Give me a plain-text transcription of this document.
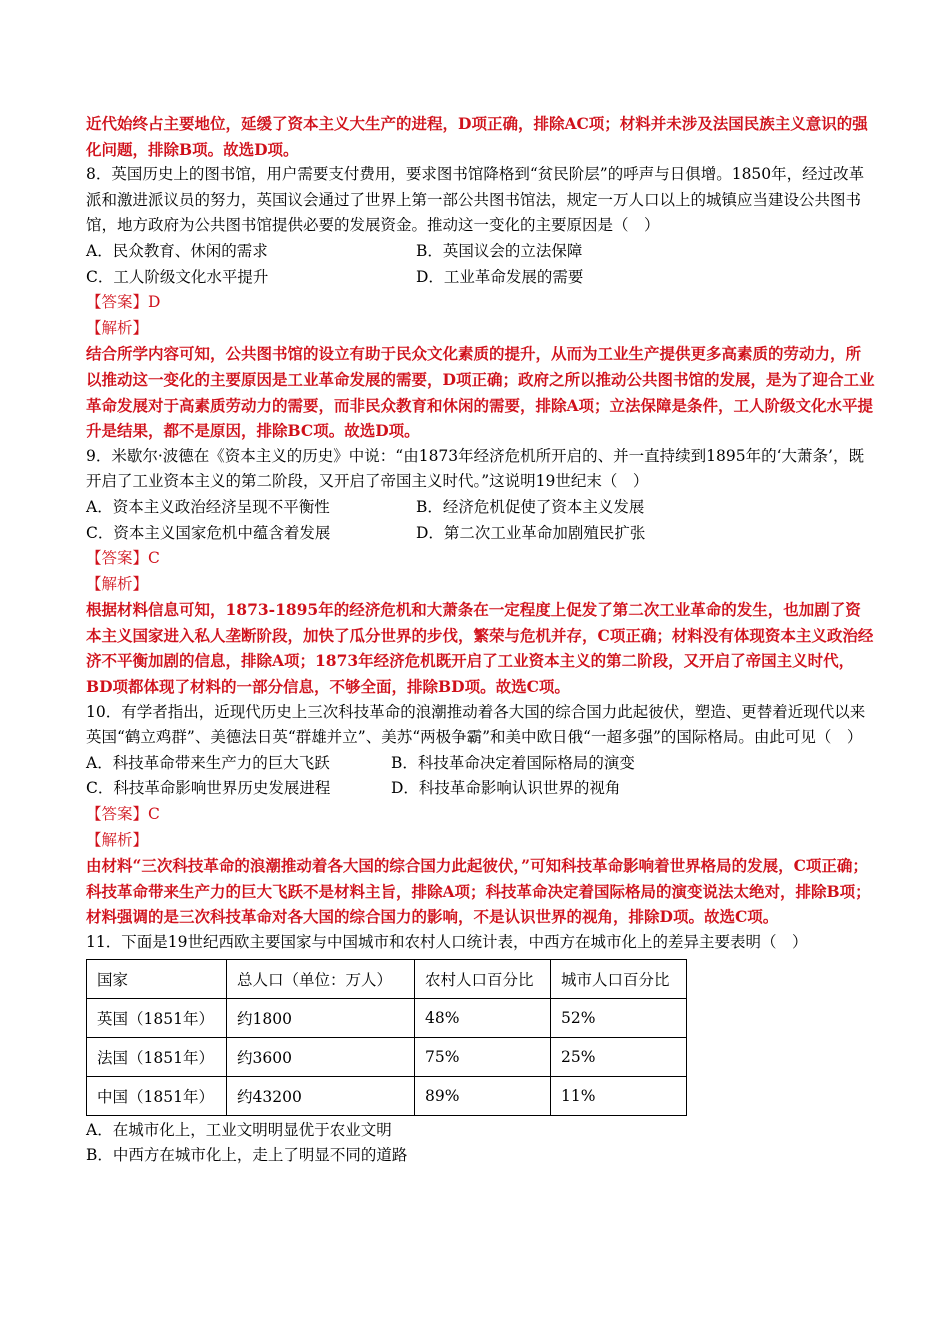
近代始终占主要地位，延缓了资本主义大生产的进程，D项正确，排除AC项；材料并未涉及法国民族主义意识的强化问题，排除B项。故选D项。

8．英国历史上的图书馆，用户需要支付费用，要求图书馆降格到“贫民阶层”的呼声与日俱增。1850年，经过改革派和激进派议员的努力，英国议会通过了世界上第一部公共图书馆法，规定一万人口以上的城镇应当建设公共图书馆，地方政府为公共图书馆提供必要的发展资金。推动这一变化的主要原因是（　）

A．民众教育、休闲的需求	B．英国议会的立法保障
C．工人阶级文化水平提升	D．工业革命发展的需要

【答案】D

【解析】

结合所学内容可知，公共图书馆的设立有助于民众文化素质的提升，从而为工业生产提供更多高素质的劳动力，所以推动这一变化的主要原因是工业革命发展的需要，D项正确；政府之所以推动公共图书馆的发展，是为了迎合工业革命发展对于高素质劳动力的需要，而非民众教育和休闲的需要，排除A项；立法保障是条件，工人阶级文化水平提升是结果，都不是原因，排除BC项。故选D项。

9．米歇尔·波德在《资本主义的历史》中说：“由1873年经济危机所开启的、并一直持续到1895年的‘大萧条’，既开启了工业资本主义的第二阶段，又开启了帝国主义时代。”这说明19世纪末（　）

A．资本主义政治经济呈现不平衡性	B．经济危机促使了资本主义发展
C．资本主义国家危机中蕴含着发展	D．第二次工业革命加剧殖民扩张

【答案】C

【解析】

根据材料信息可知，1873-1895年的经济危机和大萧条在一定程度上促发了第二次工业革命的发生，也加剧了资本主义国家进入私人垄断阶段，加快了瓜分世界的步伐，繁荣与危机并存，C项正确；材料没有体现资本主义政治经济不平衡加剧的信息，排除A项；1873年经济危机既开启了工业资本主义的第二阶段，又开启了帝国主义时代，BD项都体现了材料的一部分信息，不够全面，排除BD项。故选C项。

10．有学者指出，近现代历史上三次科技革命的浪潮推动着各大国的综合国力此起彼伏，塑造、更替着近现代以来英国“鹤立鸡群”、美德法日英“群雄并立”、美苏“两极争霸”和美中欧日俄“一超多强”的国际格局。由此可见（　）

A．科技革命带来生产力的巨大飞跃	B．科技革命决定着国际格局的演变
C．科技革命影响世界历史发展进程	D．科技革命影响认识世界的视角

【答案】C

【解析】

由材料“三次科技革命的浪潮推动着各大国的综合国力此起彼伏，”可知科技革命影响着世界格局的发展，C项正确；科技革命带来生产力的巨大飞跃不是材料主旨，排除A项；科技革命决定着国际格局的演变说法太绝对，排除B项；材料强调的是三次科技革命对各大国的综合国力的影响，不是认识世界的视角，排除D项。故选C项。

11．下面是19世纪西欧主要国家与中国城市和农村人口统计表，中西方在城市化上的差异主要表明（　）

国家	总人口（单位：万人）	农村人口百分比	城市人口百分比
英国（1851年）	约1800	48%	52%
法国（1851年）	约3600	75%	25%
中国（1851年）	约43200	89%	11%

A．在城市化上，工业文明明显优于农业文明

B．中西方在城市化上，走上了明显不同的道路
